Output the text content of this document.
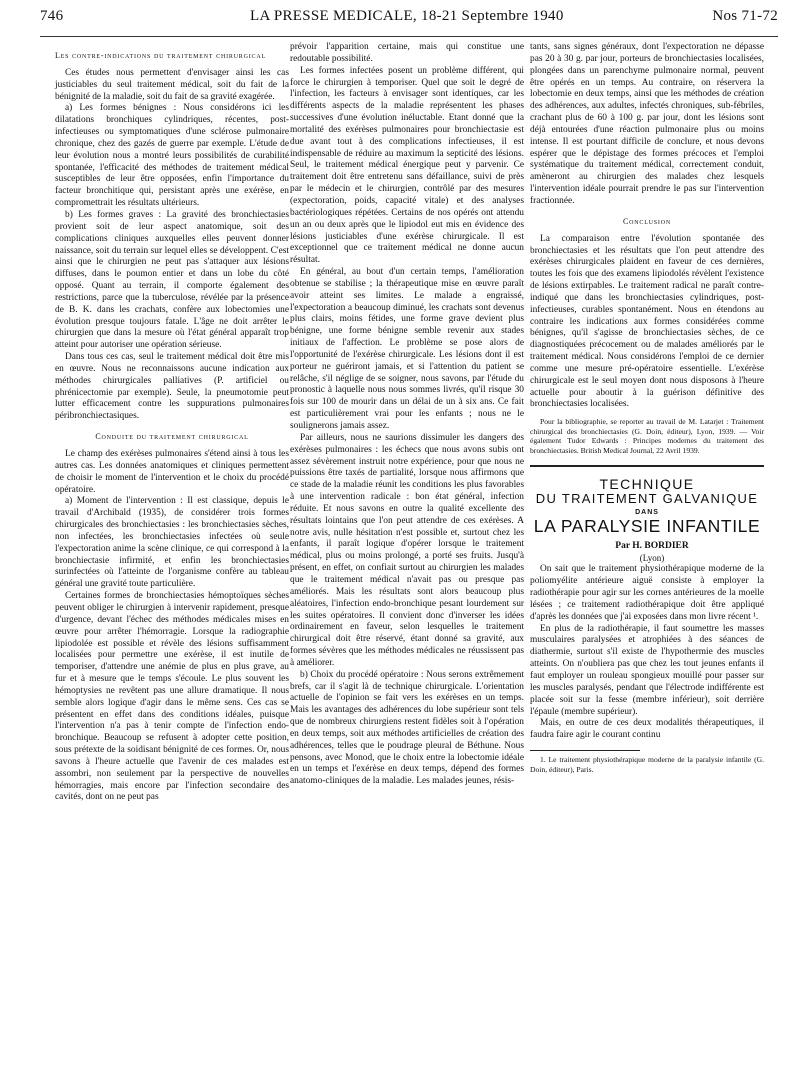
746	LA PRESSE MEDICALE, 18-21 Septembre 1940	Nos 71-72
Les contre-indications du traitement chirurgical

Ces études nous permettent d'envisager ainsi les cas justiciables du seul traitement médical, soit du fait de la bénignité de la maladie, soit du fait de sa gravité exagérée.

a) Les formes bénignes : Nous considérons ici les dilatations bronchiques cylindriques, récentes, post-infectieuses ou symptomatiques d'une sclérose pulmonaire chronique, chez des gazés de guerre par exemple. L'étude de leur évolution nous a montré leurs possibilités de curabilité spontanée, l'efficacité des méthodes de traitement médical susceptibles de leur être opposées, enfin l'importance du facteur bronchitique qui, persistant après une exérèse, en compromettrait les résultats ultérieurs.

b) Les formes graves : La gravité des bronchiectasies provient soit de leur aspect anatomique, soit des complications cliniques auxquelles elles peuvent donner naissance, soit du terrain sur lequel elles se développent. C'est ainsi que le chirurgien ne peut pas s'attaquer aux lésions diffuses, dans le poumon entier et dans un lobe du côté opposé. Quant au terrain, il comporte également des restrictions, parce que la tuberculose, révélée par la présence de B. K. dans les crachats, confère aux lobectomies une évolution presque toujours fatale. L'âge ne doit arrêter le chirurgien que dans la mesure où l'état général apparaît trop atteint pour autoriser une opération sérieuse.

Dans tous ces cas, seul le traitement médical doit être mis en œuvre. Nous ne reconnaissons aucune indication aux méthodes chirurgicales palliatives (P. artificiel ou phrénicectomie par exemple). Seule, la pneumotomie peut lutter efficacement contre les suppurations pulmonaires péribronchiectasiques.

Conduite du traitement chirurgical

Le champ des exérèses pulmonaires s'étend ainsi à tous les autres cas. Les données anatomiques et cliniques permettent de choisir le moment de l'intervention et le choix du procédé opératoire.

a) Moment de l'intervention : Il est classique, depuis le travail d'Archibald (1935), de considérer trois formes chirurgicales des bronchiectasies : les bronchiectasies sèches, non infectées, les bronchiectasies infectées où seule l'expectoration anime la scène clinique, ce qui correspond à la bronchiectasie infirmité, et enfin les bronchiectasies surinfectées où l'atteinte de l'organisme confère au tableau général une gravité toute particulière.

Certaines formes de bronchiectasies hémoptoïques sèches peuvent obliger le chirurgien à intervenir rapidement, presque d'urgence, devant l'échec des méthodes médicales mises en œuvre pour arrêter l'hémorragie. Lorsque la radiographie lipiodolée est possible et révèle des lésions suffisamment localisées pour permettre une exérèse, il est inutile de temporiser, d'attendre une anémie de plus en plus grave, au fur et à mesure que le temps s'écoule. Le plus souvent les hémoptysies ne revêtent pas une allure dramatique. Il nous semble alors logique d'agir dans le même sens. Ces cas se présentent en effet dans des conditions idéales, puisque l'intervention n'a pas à tenir compte de l'infection endo-bronchique. Beaucoup se refusent à adopter cette position, sous prétexte de la soidisant bénignité de ces formes. Or, nous savons à l'heure actuelle que l'avenir de ces malades est assombri, non seulement par la perspective de nouvelles hémorragies, mais encore par l'infection secondaire des cavités, dont on ne peut pas

prévoir l'apparition certaine, mais qui constitue une redoutable possibilité.

Les formes infectées posent un problème différent, qui force le chirurgien à temporiser. Quel que soit le degré de l'infection, les facteurs à envisager sont identiques, car les différents aspects de la maladie représentent les phases successives d'une évolution inéluctable. Etant donné que la mortalité des exérèses pulmonaires pour bronchiectasie est due avant tout à des complications infectieuses, il est indispensable de réduire au maximum la septicité des lésions. Seul, le traitement médical énergique peut y parvenir. Ce traitement doit être entretenu sans défaillance, suivi de près par le médecin et le chirurgien, contrôlé par des mesures (expectoration, poids, capacité vitale) et des analyses bactériologiques répétées. Certains de nos opérés ont attendu un an ou deux après que le lipiodol eut mis en évidence des lésions justiciables d'une exérèse chirurgicale. Il est exceptionnel que ce traitement médical ne donne aucun résultat.

En général, au bout d'un certain temps, l'amélioration obtenue se stabilise ; la thérapeutique mise en œuvre paraît avoir atteint ses limites. Le malade a engraissé, l'expectoration a beaucoup diminué, les crachats sont devenus plus clairs, moins fétides, une forme grave devient plus bénigne, une forme bénigne semble revenir aux stades initiaux de l'affection. Le problème se pose alors de l'opportunité de l'exérèse chirurgicale. Les lésions dont il est porteur ne guériront jamais, et si l'attention du patient se relâche, s'il néglige de se soigner, nous savons, par l'étude du pronostic à laquelle nous nous sommes livrés, qu'il risque 30 fois sur 100 de mourir dans un délai de un à six ans. Ce fait est particulièrement vrai pour les enfants ; nous ne le soulignerons jamais assez.

Par ailleurs, nous ne saurions dissimuler les dangers des exérèses pulmonaires : les échecs que nous avons subis ont assez sévèrement instruit notre expérience, pour que nous ne puissions être taxés de partialité, lorsque nous affirmons que ce stade de la maladie réunit les conditions les plus favorables à une intervention radicale : bon état général, infection réduite. Et nous savons en outre la qualité excellente des résultats lointains que l'on peut attendre de ces exérèses. A notre avis, nulle hésitation n'est possible et, surtout chez les enfants, il paraît logique d'opérer lorsque le traitement médical, plus ou moins prolongé, a porté ses fruits. Jusqu'à présent, en effet, on confiait surtout au chirurgien les malades que le traitement médical n'avait pas ou presque pas améliorés. Mais les résultats sont alors beaucoup plus aléatoires, l'infection endo-bronchique pesant lourdement sur les suites opératoires. Il convient donc d'inverser les idées ordinairement en faveur, selon lesquelles le traitement chirurgical doit être réservé, étant donné sa gravité, aux formes sévères que les méthodes médicales ne réussissent pas à améliorer.

b) Choix du procédé opératoire : Nous serons extrêmement brefs, car il s'agit là de technique chirurgicale. L'orientation actuelle de l'opinion se fait vers les exérèses en un temps. Mais les avantages des adhérences du lobe supérieur sont tels que de nombreux chirurgiens restent fidèles soit à l'opération en deux temps, soit aux méthodes artificielles de création des adhérences, telles que le poudrage pleural de Béthune. Nous pensons, avec Monod, que le choix entre la lobectomie idéale en un temps et l'exérèse en deux temps, dépend des formes anatomo-cliniques de la maladie. Les malades jeunes, résis-

tants, sans signes généraux, dont l'expectoration ne dépasse pas 20 à 30 g. par jour, porteurs de bronchiectasies localisées, plongées dans un parenchyme pulmonaire normal, peuvent être opérés en un temps. Au contraire, on réservera la lobectomie en deux temps, ainsi que les méthodes de création des adhérences, aux adultes, infectés chroniques, sub-fébriles, crachant plus de 60 à 100 g. par jour, dont les lésions sont déjà entourées d'une réaction pulmonaire plus ou moins intense. Il est pourtant difficile de conclure, et nous devons espérer que le dépistage des formes précoces et l'emploi systématique du traitement médical, correctement conduit, amèneront au chirurgien des malades chez lesquels l'intervention idéale pourrait prendre le pas sur l'intervention fractionnée.

Conclusion

La comparaison entre l'évolution spontanée des bronchiectasies et les résultats que l'on peut attendre des exérèses chirurgicales plaident en faveur de ces dernières, toutes les fois que des examens lipiodolés révèlent l'existence de lésions extirpables. Le traitement radical ne paraît contre-indiqué que dans les bronchiectasies cylindriques, post-infectieuses, curables spontanément. Nous en étendons au contraire les indications aux formes considérées comme bénignes, qu'il s'agisse de bronchiectasies sèches, de ce diagnostiquées précocement ou de malades améliorés par le traitement médical. Nous considérons l'emploi de ce dernier comme une mesure pré-opératoire essentielle. L'exérèse chirurgicale est le seul moyen dont nous disposons à l'heure actuelle pour aboutir à la guérison définitive des bronchiectasies localisées.

Pour la bibliographie, se reporter au travail de M. Latarjet : Traitement chirurgical des bronchiectasies (G. Doin, éditeur), Lyon, 1939. — Voir également Tudor Edwards : Principes modernes du traitement des bronchiectasies. British Medical Journal, 22 Avril 1939.

TECHNIQUE
DU TRAITEMENT GALVANIQUE
DANS
LA PARALYSIE INFANTILE

Par H. BORDIER

(Lyon)

On sait que le traitement physiothérapique moderne de la poliomyélite antérieure aiguë consiste à employer la radiothérapie pour agir sur les cornes antérieures de la moelle lésées ; ce traitement radiothérapique doit être appliqué d'après les données que j'ai exposées dans mon livre récent ¹.

En plus de la radiothérapie, il faut soumettre les masses musculaires paralysées et atrophiées à des séances de diathermie, surtout s'il existe de l'hypothermie des muscles atteints. On n'oubliera pas que chez les tout jeunes enfants il faut employer un rouleau spongieux mouillé pour passer sur les muscles paralysés, pendant que l'électrode indifférente est placée soit sur la fesse (membre inférieur), soit derrière l'épaule (membre supérieur).

Mais, en outre de ces deux modalités thérapeutiques, il faudra faire agir le courant continu

1. Le traitement physiothérapique moderne de la paralysie infantile (G. Doin, éditeur), Paris.
